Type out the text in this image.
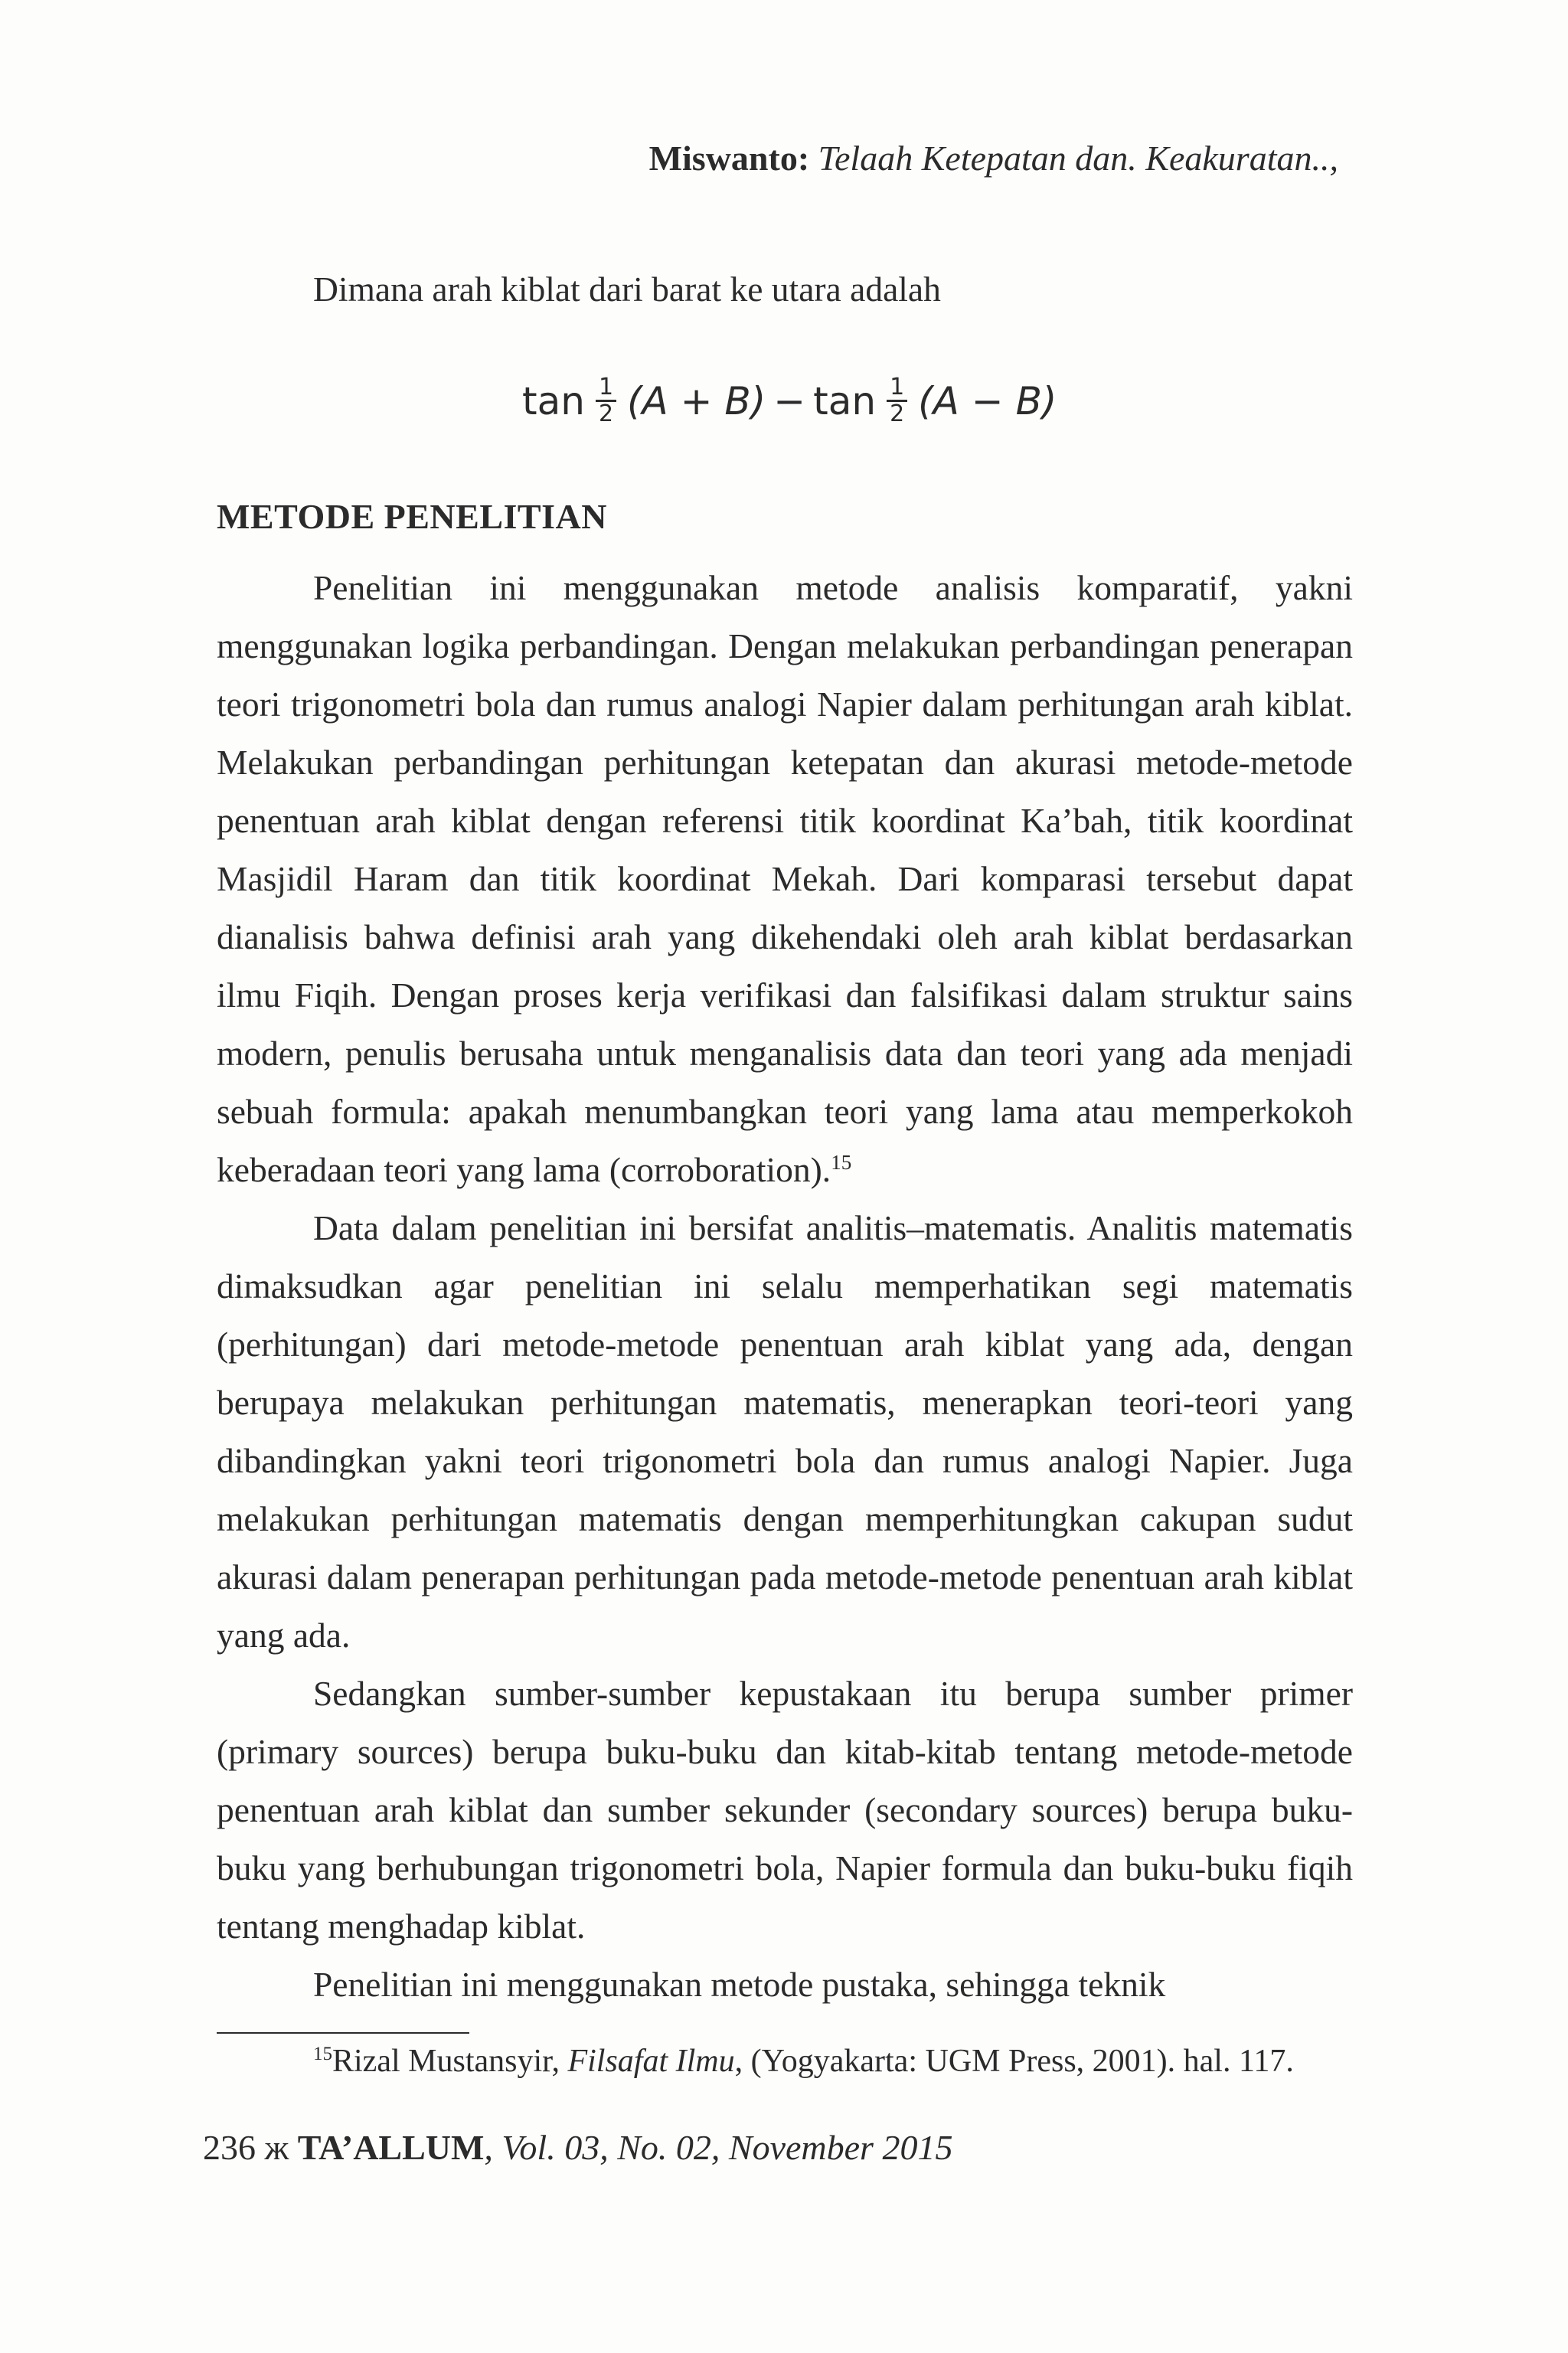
Miswanto: Telaah Ketepatan dan. Keakuratan..,

Dimana arah kiblat dari barat ke utara adalah

$\tan \frac{1}{2} (A + B) - \tan \frac{1}{2} (A - B)$
METODE PENELITIAN

Penelitian ini menggunakan metode analisis komparatif, yakni menggunakan logika perbandingan. Dengan melakukan perbandingan penerapan teori trigonometri bola dan rumus analogi Napier dalam perhitungan arah kiblat. Melakukan perbandingan perhitungan ketepatan dan akurasi metode-metode penentuan arah kiblat dengan referensi titik koordinat Ka’bah, titik koordinat Masjidil Haram dan titik koordinat Mekah. Dari komparasi tersebut dapat dianalisis bahwa definisi arah yang dikehendaki oleh arah kiblat berdasarkan ilmu Fiqih. Dengan proses kerja verifikasi dan falsifikasi dalam struktur sains modern, penulis berusaha untuk menganalisis data dan teori yang ada menjadi sebuah formula: apakah menumbangkan teori yang lama atau memperkokoh keberadaan teori yang lama (corroboration).$^{15}$

Data dalam penelitian ini bersifat analitis–matematis. Analitis matematis dimaksudkan agar penelitian ini selalu memperhatikan segi matematis (perhitungan) dari metode-metode penentuan arah kiblat yang ada, dengan berupaya melakukan perhitungan matematis, menerapkan teori-teori yang dibandingkan yakni teori trigonometri bola dan rumus analogi Napier. Juga melakukan perhitungan matematis dengan memperhitungkan cakupan sudut akurasi dalam penerapan perhitungan pada metode-metode penentuan arah kiblat yang ada.

Sedangkan sumber-sumber kepustakaan itu berupa sumber primer (primary sources) berupa buku-buku dan kitab-kitab tentang metode-metode penentuan arah kiblat dan sumber sekunder (secondary sources) berupa buku-buku yang berhubungan trigonometri bola, Napier formula dan buku-buku fiqih tentang menghadap kiblat.

Penelitian ini menggunakan metode pustaka, sehingga teknik

$^{15}$Rizal Mustansyir, Filsafat Ilmu, (Yogyakarta: UGM Press, 2001). hal. 117.
236 ж TA’ALLUM, Vol. 03, No. 02, November 2015
